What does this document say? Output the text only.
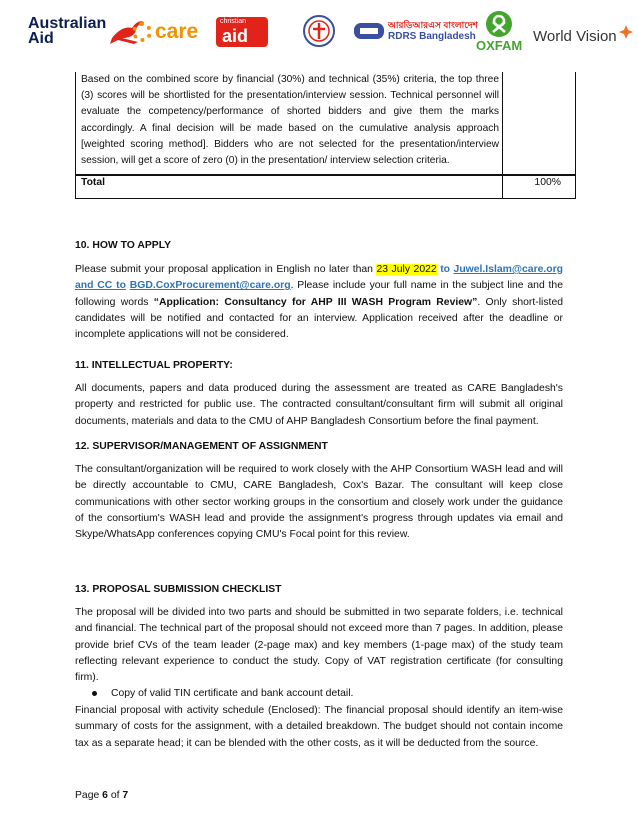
Australian
Aid	care	christian
aid
আরডিআরএস বাংলাদেশ
RDRS Bangladesh
OXFAM
World Vision
Based on the combined score by financial (30%) and technical (35%) criteria, the top three (3) scores will be shortlisted for the presentation/interview session. Technical personnel will evaluate the competency/performance of shorted bidders and give them the marks accordingly. A final decision will be made based on the cumulative analysis approach [weighted scoring method]. Bidders who are not selected for the presentation/interview session, will get a score of zero (0) in the presentation/ interview selection criteria.
Total	100%
10. HOW TO APPLY
Please submit your proposal application in English no later than 23 July 2022 to Juwel.Islam@care.org and CC to BGD.CoxProcurement@care.org. Please include your full name in the subject line and the following words “Application: Consultancy for AHP III WASH Program Review”. Only short-listed candidates will be notified and contacted for an interview. Application received after the deadline or incomplete applications will not be considered.
11. INTELLECTUAL PROPERTY:
All documents, papers and data produced during the assessment are treated as CARE Bangladesh's property and restricted for public use. The contracted consultant/consultant firm will submit all original documents, materials and data to the CMU of AHP Bangladesh Consortium before the final payment.
12. SUPERVISOR/MANAGEMENT OF ASSIGNMENT
The consultant/organization will be required to work closely with the AHP Consortium WASH lead and will be directly accountable to CMU, CARE Bangladesh, Cox's Bazar. The consultant will keep close communications with other sector working groups in the consortium and closely work under the guidance of the consortium's WASH lead and provide the assignment's progress through updates via email and Skype/WhatsApp conferences copying CMU's Focal point for this review.
13. PROPOSAL SUBMISSION CHECKLIST
The proposal will be divided into two parts and should be submitted in two separate folders, i.e. technical and financial. The technical part of the proposal should not exceed more than 7 pages. In addition, please provide brief CVs of the team leader (2-page max) and key members (1-page max) of the study team reflecting relevant experience to conduct the study. Copy of VAT registration certificate (for consulting firm).
Copy of valid TIN certificate and bank account detail.
Financial proposal with activity schedule (Enclosed): The financial proposal should identify an item-wise summary of costs for the assignment, with a detailed breakdown. The budget should not contain income tax as a separate head; it can be blended with the other costs, as it will be deducted from the source.
Page 6 of 7
